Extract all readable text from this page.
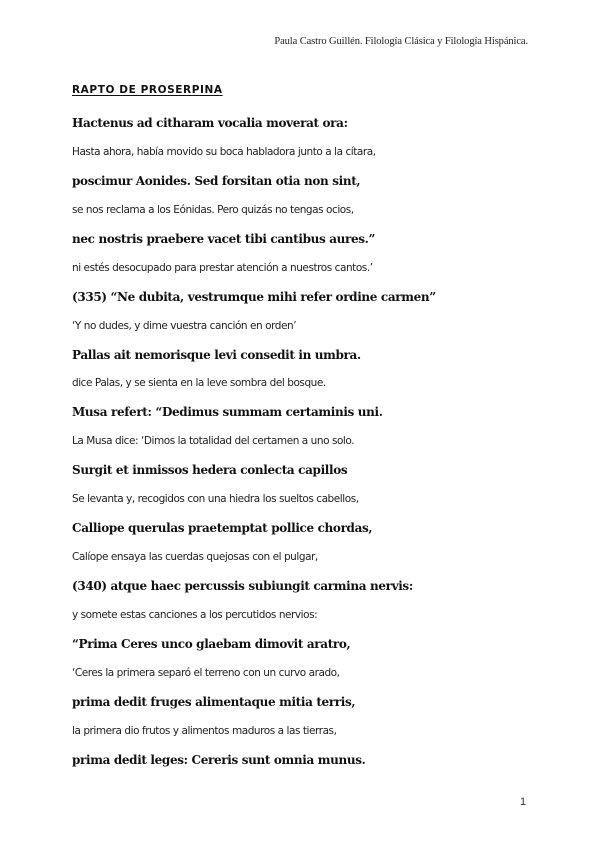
Paula Castro Guillén. Filología Clásica y Filología Hispánica.
RAPTO DE PROSERPINA
Hactenus ad citharam vocalia moverat ora:
Hasta ahora, había movido su boca habladora junto a la cítara,
poscimur Aonides. Sed forsitan otia non sint,
se nos reclama a los Eónidas. Pero quizás no tengas ocios,
nec nostris praebere vacet tibi cantibus aures.”
ni estés desocupado para prestar atención a nuestros cantos.’
(335) “Ne dubita, vestrumque mihi refer ordine carmen”
‘Y no dudes, y dime vuestra canción en orden’
Pallas ait nemorisque levi consedit in umbra.
dice Palas, y se sienta en la leve sombra del bosque.
Musa refert: “Dedimus summam certaminis uni.
La Musa dice: ‘Dimos la totalidad del certamen a uno solo.
Surgit et inmissos hedera conlecta capillos
Se levanta y, recogidos con una hiedra los sueltos cabellos,
Calliope querulas praetemptat pollice chordas,
Calíope ensaya las cuerdas quejosas con el pulgar,
(340) atque haec percussis subiungit carmina nervis:
y somete estas canciones a los percutidos nervios:
“Prima Ceres unco glaebam dimovit aratro,
‘Ceres la primera separó el terreno con un curvo arado,
prima dedit fruges alimentaque mitia terris,
la primera dio frutos y alimentos maduros a las tierras,
prima dedit leges: Cereris sunt omnia munus.
1
